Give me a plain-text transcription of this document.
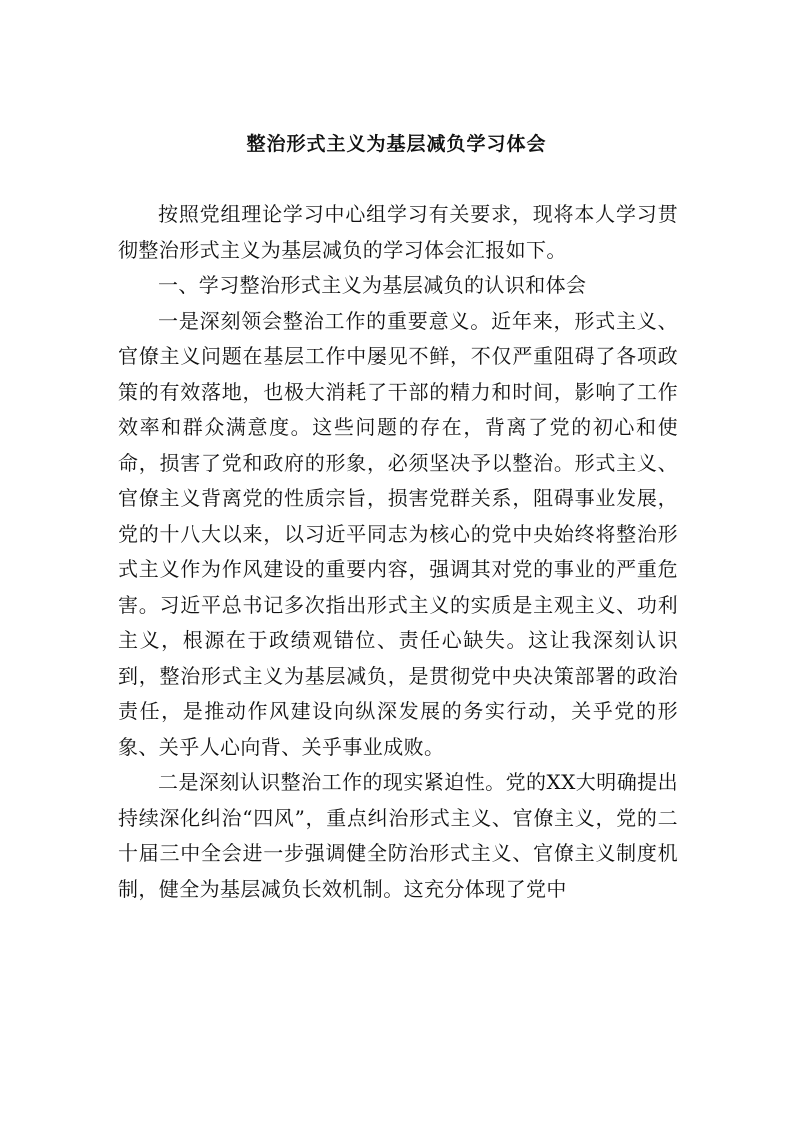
整治形式主义为基层减负学习体会

按照党组理论学习中心组学习有关要求，现将本人学习贯彻整治形式主义为基层减负的学习体会汇报如下。

一、学习整治形式主义为基层减负的认识和体会

一是深刻领会整治工作的重要意义。近年来，形式主义、官僚主义问题在基层工作中屡见不鲜，不仅严重阻碍了各项政策的有效落地，也极大消耗了干部的精力和时间，影响了工作效率和群众满意度。这些问题的存在，背离了党的初心和使命，损害了党和政府的形象，必须坚决予以整治。形式主义、官僚主义背离党的性质宗旨，损害党群关系，阻碍事业发展，党的十八大以来，以习近平同志为核心的党中央始终将整治形式主义作为作风建设的重要内容，强调其对党的事业的严重危害。习近平总书记多次指出形式主义的实质是主观主义、功利主义，根源在于政绩观错位、责任心缺失。这让我深刻认识到，整治形式主义为基层减负，是贯彻党中央决策部署的政治责任，是推动作风建设向纵深发展的务实行动，关乎党的形象、关乎人心向背、关乎事业成败。

二是深刻认识整治工作的现实紧迫性。党的XX大明确提出持续深化纠治“四风”，重点纠治形式主义、官僚主义，党的二十届三中全会进一步强调健全防治形式主义、官僚主义制度机制，健全为基层减负长效机制。这充分体现了党中
